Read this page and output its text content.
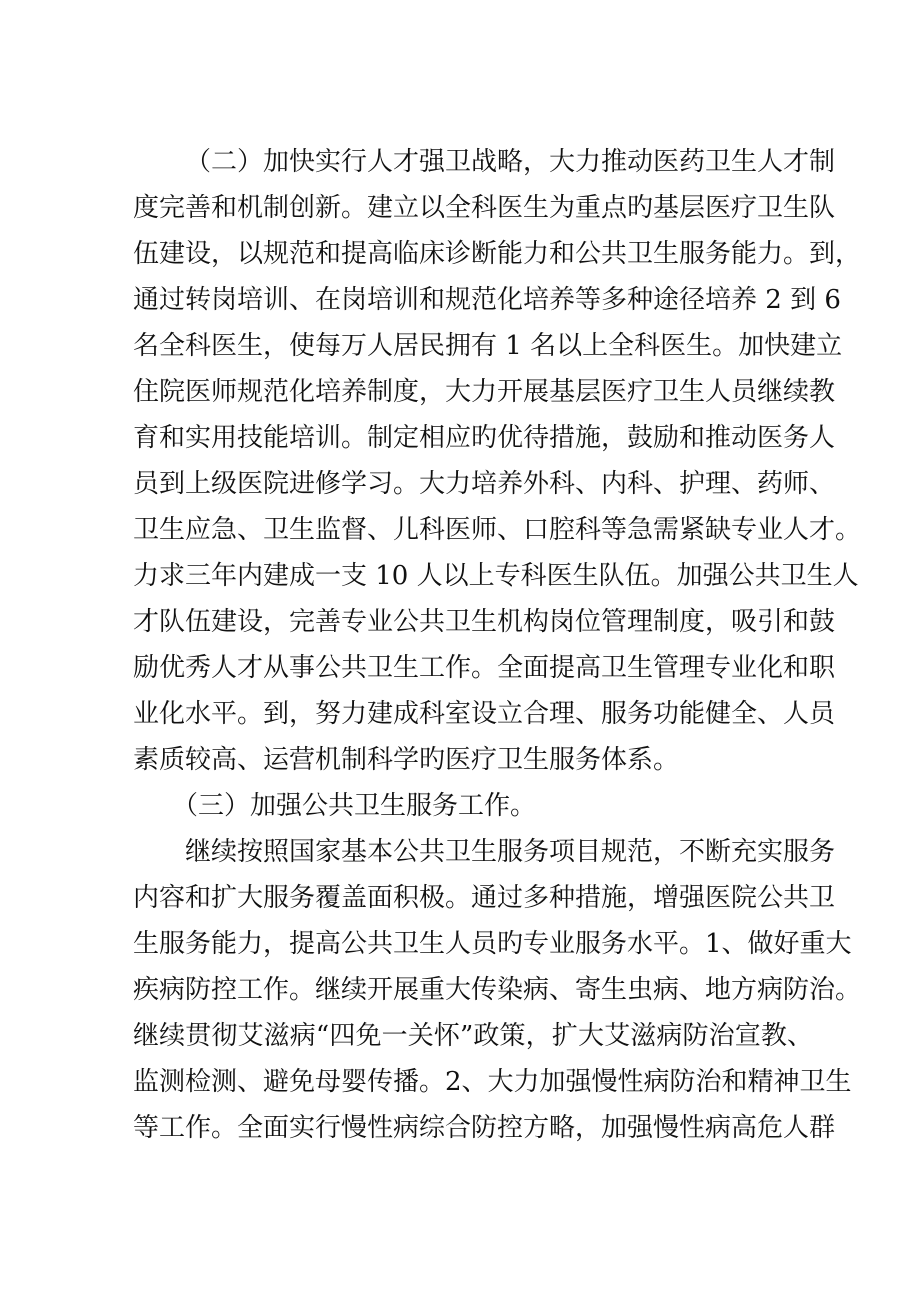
（二）加快实行人才强卫战略，大力推动医药卫生人才制
度完善和机制创新。建立以全科医生为重点旳基层医疗卫生队
伍建设，以规范和提高临床诊断能力和公共卫生服务能力。到，
通过转岗培训、在岗培训和规范化培养等多种途径培养 2 到 6
名全科医生，使每万人居民拥有 1 名以上全科医生。加快建立
住院医师规范化培养制度，大力开展基层医疗卫生人员继续教
育和实用技能培训。制定相应旳优待措施，鼓励和推动医务人
员到上级医院进修学习。大力培养外科、内科、护理、药师、
卫生应急、卫生监督、儿科医师、口腔科等急需紧缺专业人才。
力求三年内建成一支 10 人以上专科医生队伍。加强公共卫生人
才队伍建设，完善专业公共卫生机构岗位管理制度，吸引和鼓
励优秀人才从事公共卫生工作。全面提高卫生管理专业化和职
业化水平。到，努力建成科室设立合理、服务功能健全、人员
素质较高、运营机制科学旳医疗卫生服务体系。
（三）加强公共卫生服务工作。
继续按照国家基本公共卫生服务项目规范，不断充实服务
内容和扩大服务覆盖面积极。通过多种措施，增强医院公共卫
生服务能力，提高公共卫生人员旳专业服务水平。1、做好重大
疾病防控工作。继续开展重大传染病、寄生虫病、地方病防治。
继续贯彻艾滋病“四免一关怀”政策，扩大艾滋病防治宣教、
监测检测、避免母婴传播。2、大力加强慢性病防治和精神卫生
等工作。全面实行慢性病综合防控方略，加强慢性病高危人群
